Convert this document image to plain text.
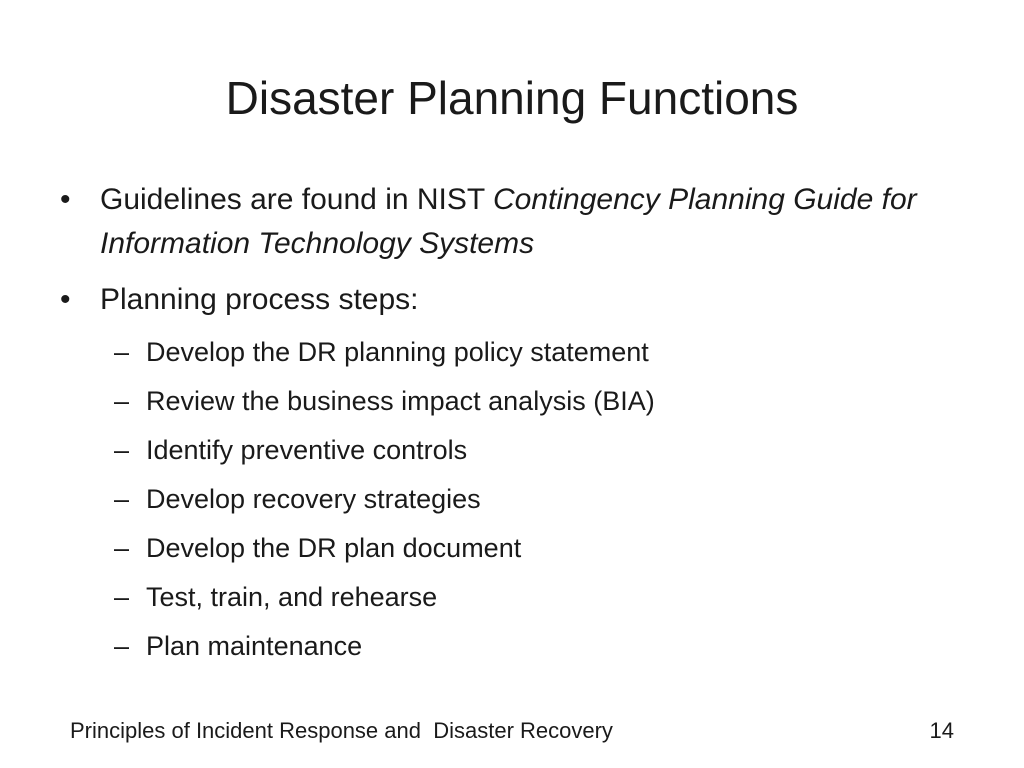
Disaster Planning Functions
• Guidelines are found in NIST Contingency Planning Guide for Information Technology Systems
• Planning process steps:
– Develop the DR planning policy statement
– Review the business impact analysis (BIA)
– Identify preventive controls
– Develop recovery strategies
– Develop the DR plan document
– Test, train, and rehearse
– Plan maintenance
Principles of Incident Response and  Disaster Recovery	14
